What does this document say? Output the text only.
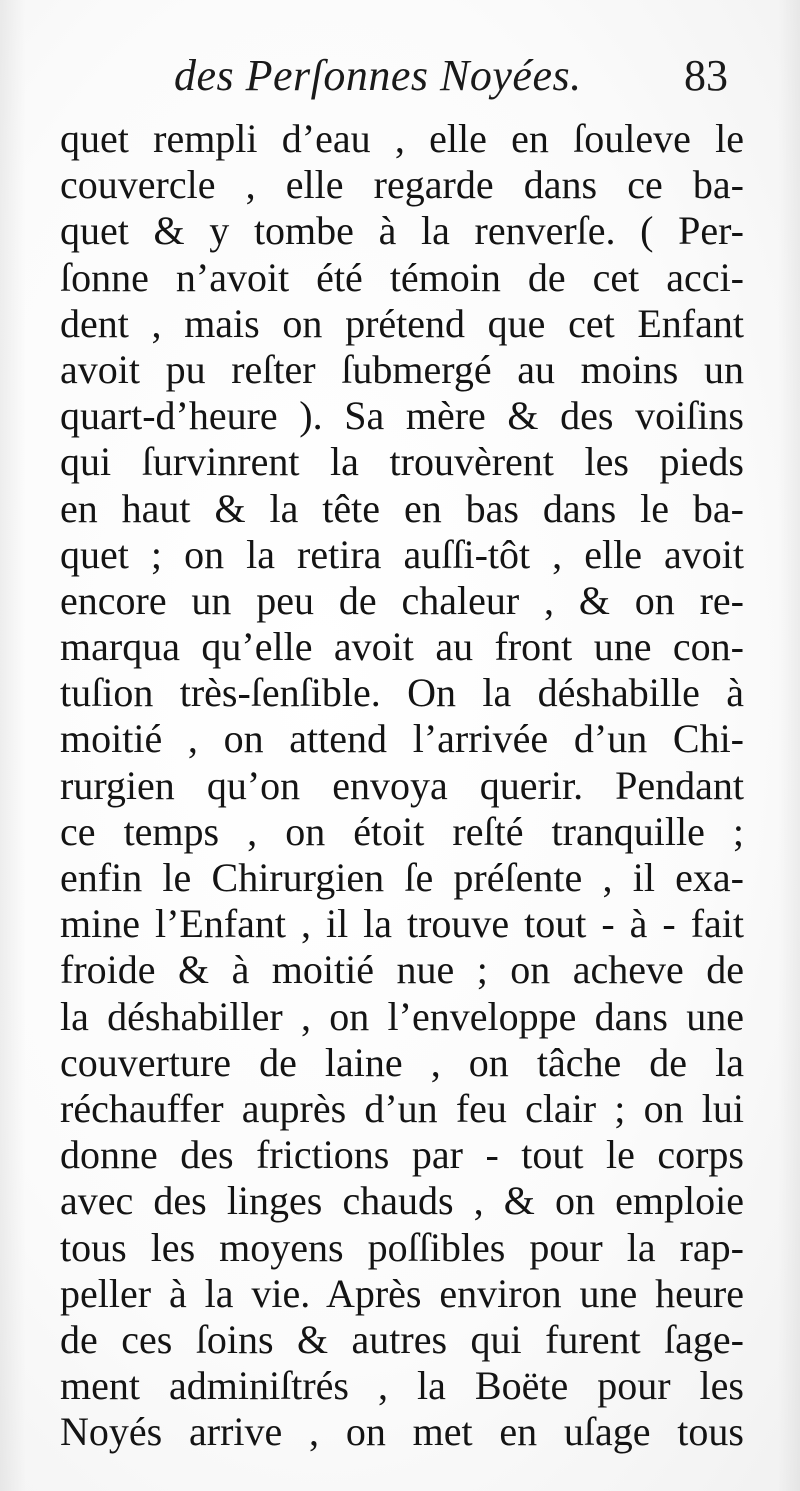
des Perſonnes Noyées. 83
quet rempli d’eau , elle en ſouleve le
couvercle , elle regarde dans ce ba-
quet & y tombe à la renverſe. ( Per-
ſonne n’avoit été témoin de cet acci-
dent , mais on prétend que cet Enfant
avoit pu reſter ſubmergé au moins un
quart-d’heure ). Sa mère & des voiſins
qui ſurvinrent la trouvèrent les pieds
en haut & la tête en bas dans le ba-
quet ; on la retira auſſi-tôt , elle avoit
encore un peu de chaleur , & on re-
marqua qu’elle avoit au front une con-
tuſion très-ſenſible. On la déshabille à
moitié , on attend l’arrivée d’un Chi-
rurgien qu’on envoya querir. Pendant
ce temps , on étoit reſté tranquille ;
enfin le Chirurgien ſe préſente , il exa-
mine l’Enfant , il la trouve tout - à - fait
froide & à moitié nue ; on acheve de
la déshabiller , on l’enveloppe dans une
couverture de laine , on tâche de la
réchauffer auprès d’un feu clair ; on lui
donne des frictions par - tout le corps
avec des linges chauds , & on emploie
tous les moyens poſſibles pour la rap-
peller à la vie. Après environ une heure
de ces ſoins & autres qui furent ſage-
ment adminiſtrés , la Boëte pour les
Noyés arrive , on met en uſage tous
